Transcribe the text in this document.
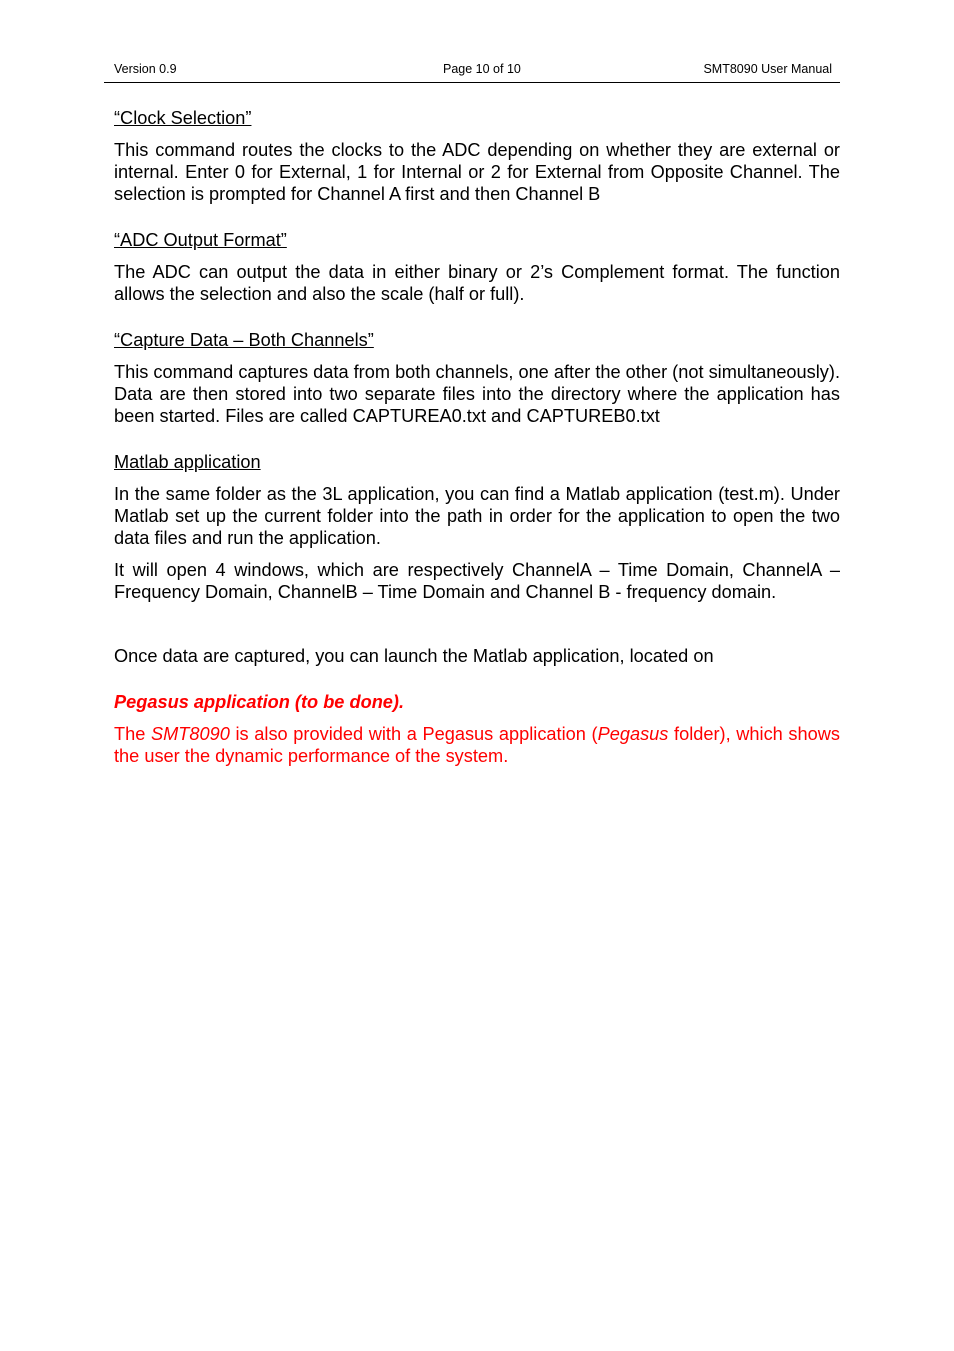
Version 0.9	Page 10 of 10	SMT8090 User Manual
“Clock Selection”

This command routes the clocks to the ADC depending on whether they are external or internal. Enter 0 for External, 1 for Internal or 2 for External from Opposite Channel. The selection is prompted for Channel A first and then Channel B

“ADC Output Format”

The ADC can output the data in either binary or 2’s Complement format. The function allows the selection and also the scale (half or full).

“Capture Data – Both Channels”

This command captures data from both channels, one after the other (not simultaneously). Data are then stored into two separate files into the directory where the application has been started. Files are called CAPTUREA0.txt and CAPTUREB0.txt

Matlab application

In the same folder as the 3L application, you can find a Matlab application (test.m). Under Matlab set up the current folder into the path in order for the application to open the two data files and run the application.

It will open 4 windows, which are respectively ChannelA – Time Domain, ChannelA – Frequency Domain, ChannelB – Time Domain and Channel B - frequency domain.

Once data are captured, you can launch the Matlab application, located on

Pegasus application (to be done).

The SMT8090 is also provided with a Pegasus application (Pegasus folder), which shows the user the dynamic performance of the system.
